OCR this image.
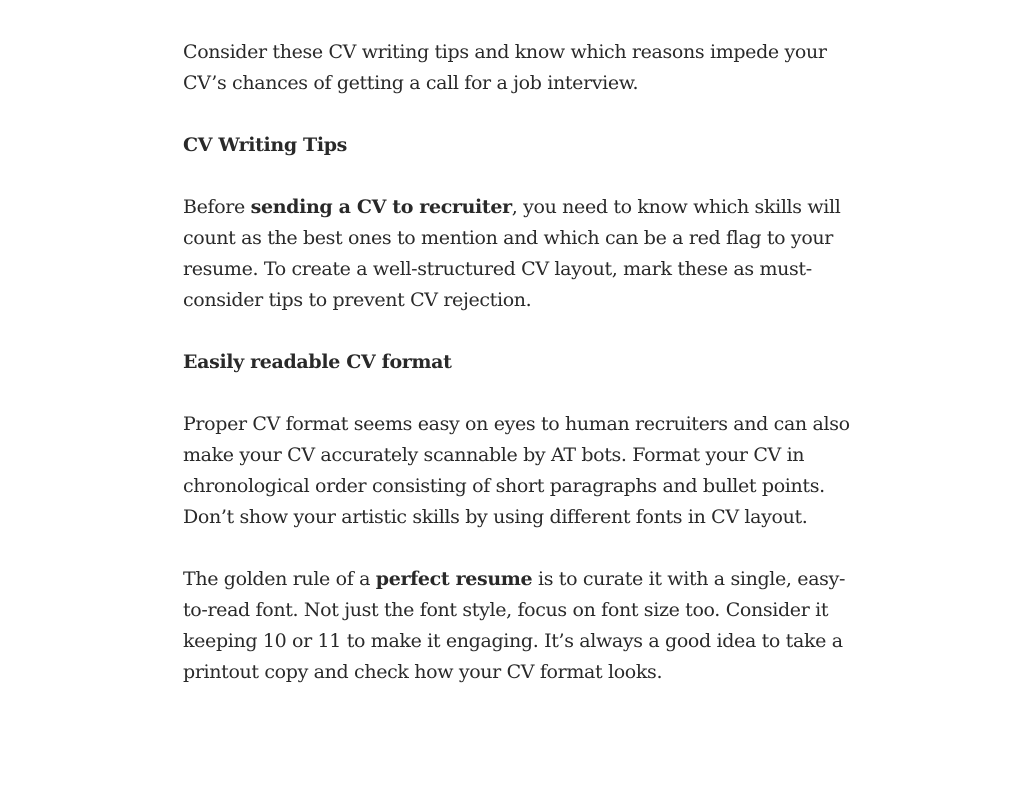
Consider these CV writing tips and know which reasons impede your CV’s chances of getting a call for a job interview.

CV Writing Tips

Before sending a CV to recruiter, you need to know which skills will count as the best ones to mention and which can be a red flag to your resume. To create a well-structured CV layout, mark these as must-consider tips to prevent CV rejection.

Easily readable CV format

Proper CV format seems easy on eyes to human recruiters and can also make your CV accurately scannable by AT bots. Format your CV in chronological order consisting of short paragraphs and bullet points. Don’t show your artistic skills by using different fonts in CV layout.

The golden rule of a perfect resume is to curate it with a single, easy-to-read font. Not just the font style, focus on font size too. Consider it keeping 10 or 11 to make it engaging. It’s always a good idea to take a printout copy and check how your CV format looks.
